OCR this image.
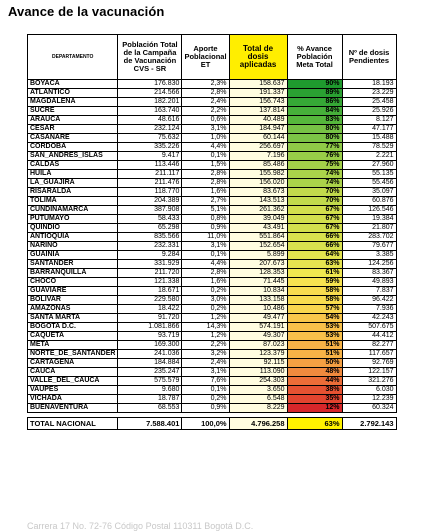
Avance de la vacunación
DEPARTAMENTO	Población Total de la Campaña de Vacunación CVS - SR	Aporte Poblacional ET	Total de dosis aplicadas	% Avance Población Meta Total	Nº de dosis Pendientes
BOYACA	176.830	2,3%	158.637	90%	18.193
ATLANTICO	214.566	2,8%	191.337	89%	23.229
MAGDALENA	182.201	2,4%	156.743	86%	25.458
SUCRE	163.740	2,2%	137.814	84%	25.926
ARAUCA	48.616	0,6%	40.489	83%	8.127
CESAR	232.124	3,1%	184.947	80%	47.177
CASANARE	75.632	1,0%	60.144	80%	15.488
CORDOBA	335.226	4,4%	256.697	77%	78.529
SAN_ANDRES_ISLAS	9.417	0,1%	7.196	76%	2.221
CALDAS	113.446	1,5%	85.486	75%	27.960
HUILA	211.117	2,8%	155.982	74%	55.135
LA_GUAJIRA	211.476	2,8%	156.020	74%	55.456
RISARALDA	118.770	1,6%	83.673	70%	35.097
TOLIMA	204.389	2,7%	143.513	70%	60.876
CUNDINAMARCA	387.908	5,1%	261.362	67%	126.546
PUTUMAYO	58.433	0,8%	39.049	67%	19.384
QUINDIO	65.298	0,9%	43.491	67%	21.807
ANTIOQUIA	835.566	11,0%	551.864	66%	283.702
NARIÑO	232.331	3,1%	152.654	66%	79.677
GUAINIA	9.284	0,1%	5.899	64%	3.385
SANTANDER	331.929	4,4%	207.673	63%	124.256
BARRANQUILLA	211.720	2,8%	128.353	61%	83.367
CHOCO	121.338	1,6%	71.445	59%	49.893
GUAVIARE	18.671	0,2%	10.834	58%	7.837
BOLIVAR	229.580	3,0%	133.158	58%	96.422
AMAZONAS	18.422	0,2%	10.486	57%	7.936
SANTA MARTA	91.720	1,2%	49.477	54%	42.243
BOGOTA D.C.	1.081.866	14,3%	574.191	53%	507.675
CAQUETA	93.719	1,2%	49.307	53%	44.412
META	169.300	2,2%	87.023	51%	82.277
NORTE_DE_SANTANDER	241.036	3,2%	123.379	51%	117.657
CARTAGENA	184.884	2,4%	92.115	50%	92.769
CAUCA	235.247	3,1%	113.090	48%	122.157
VALLE_DEL_CAUCA	575.579	7,6%	254.303	44%	321.276
VAUPES	9.680	0,1%	3.650	38%	6.030
VICHADA	18.787	0,2%	6.548	35%	12.239
BUENAVENTURA	68.553	0,9%	8.229	12%	60.324

TOTAL NACIONAL	7.588.401	100,0%	4.796.258	63%	2.792.143
Carrera 17 No. 72-76 Código Postal 110311 Bogotá D.C.
